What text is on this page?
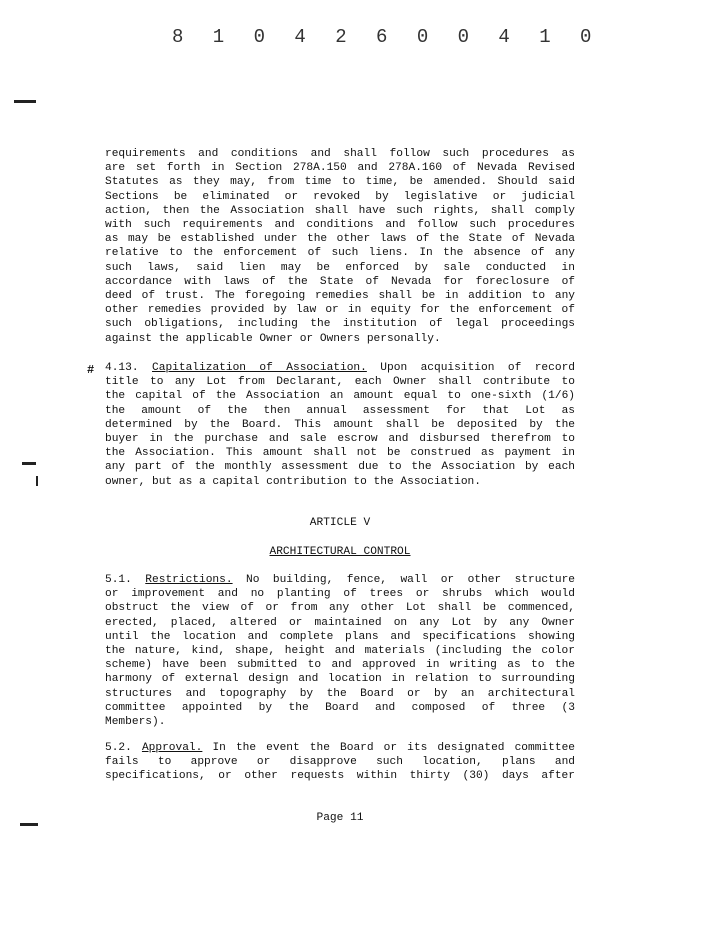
8 1 0 4 2 6 0 0 4 1 0
requirements and conditions and shall follow such procedures as
are set forth in Section 278A.150 and 278A.160 of Nevada Revised
Statutes as they may, from time to time, be amended. Should said
Sections be eliminated or revoked by legislative or judicial
action, then the Association shall have such rights, shall comply
with such requirements and conditions and follow such procedures
as may be established under the other laws of the State of Nevada
relative to the enforcement of such liens. In the absence of any
such laws, said lien may be enforced by sale conducted in
accordance with laws of the State of Nevada for foreclosure of
deed of trust. The foregoing remedies shall be in addition to any
other remedies provided by law or in equity for the enforcement of
such obligations, including the institution of legal proceedings
against the applicable Owner or Owners personally.
# 4.13. Capitalization of Association. Upon acquisition of record
title to any Lot from Declarant, each Owner shall contribute to
the capital of the Association an amount equal to one-sixth (1/6)
the amount of the then annual assessment for that Lot as
determined by the Board. This amount shall be deposited by the
buyer in the purchase and sale escrow and disbursed therefrom to
the Association. This amount shall not be construed as payment in
any part of the monthly assessment due to the Association by each
owner, but as a capital contribution to the Association.
ARTICLE V
ARCHITECTURAL CONTROL
5.1. Restrictions. No building, fence, wall or other structure
or improvement and no planting of trees or shrubs which would
obstruct the view of or from any other Lot shall be commenced,
erected, placed, altered or maintained on any Lot by any Owner
until the location and complete plans and specifications showing
the nature, kind, shape, height and materials (including the color
scheme) have been submitted to and approved in writing as to the
harmony of external design and location in relation to surrounding
structures and topography by the Board or by an architectural
committee appointed by the Board and composed of three (3
Members).
5.2. Approval. In the event the Board or its designated committee
fails to approve or disapprove such location, plans and
specifications, or other requests within thirty (30) days after
Page 11
